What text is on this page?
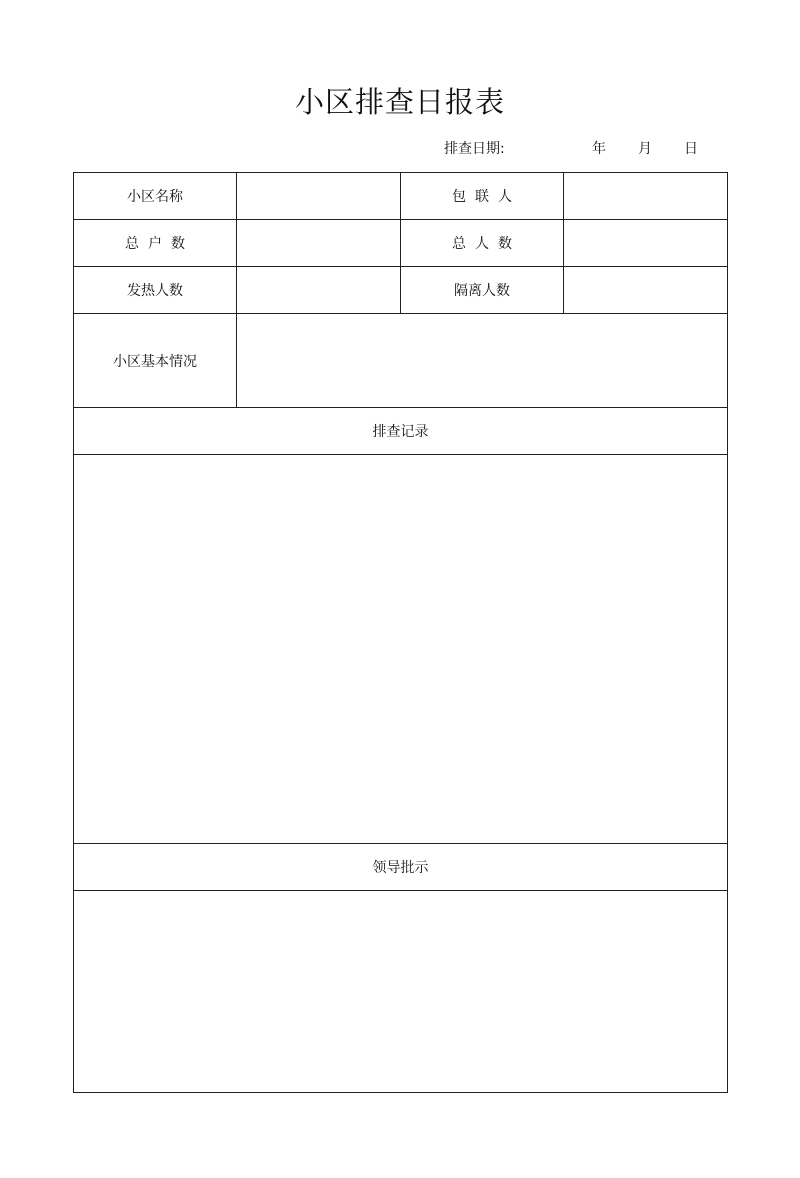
小区排查日报表
排查日期:	年 月 日
小区名称		包联人	
总户数		总人数	
发热人数		隔离人数	
小区基本情况			
排查记录			

领导批示			
